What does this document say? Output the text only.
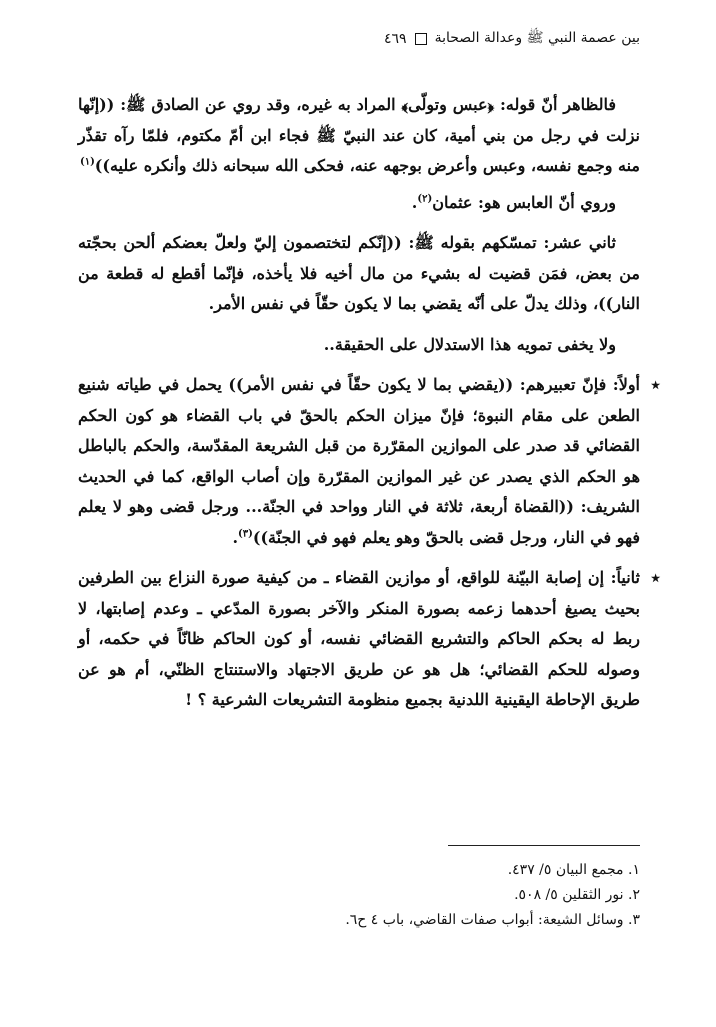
بين عصمة النبي ﷺ وعدالة الصحابة
٤٦٩

فالظاهر أنّ قوله: ﴿عبس وتولّى﴾ المراد به غيره، وقد روي عن الصادق ﷺ: ((إنّها نزلت في رجل من بني أمية، كان عند النبيّ ﷺ فجاء ابن أمّ مكتوم، فلمّا رآه تقذّر منه وجمع نفسه، وعبس وأعرض بوجهه عنه، فحكى الله سبحانه ذلك وأنكره عليه))$^{(١)}$

وروي أنّ العابس هو: عثمان$^{(٢)}$.

ثاني عشر: تمسّكهم بقوله ﷺ: ((إنّكم لتختصمون إليّ ولعلّ بعضكم ألحن بحجّته من بعض، فمَن قضيت له بشيء من مال أخيه فلا يأخذه، فإنّما أقطع له قطعة من النار))، وذلك يدلّ على أنّه يقضي بما لا يكون حقّاً في نفس الأمر.

ولا يخفى تمويه هذا الاستدلال على الحقيقة..

٭
أولاً: فإنّ تعبيرهم: ((يقضي بما لا يكون حقّاً في نفس الأمر)) يحمل في طياته شنيع الطعن على مقام النبوة؛ فإنّ ميزان الحكم بالحقّ في باب القضاء هو كون الحكم القضائي قد صدر على الموازين المقرّرة من قبل الشريعة المقدّسة، والحكم بالباطل هو الحكم الذي يصدر عن غير الموازين المقرّرة وإن أصاب الواقع، كما في الحديث الشريف: ((القضاة أربعة، ثلاثة في النار وواحد في الجنّة... ورجل قضى وهو لا يعلم فهو في النار، ورجل قضى بالحقّ وهو يعلم فهو في الجنّة))$^{(٣)}$.

٭
ثانياً: إن إصابة البيّنة للواقع، أو موازين القضاء ـ من كيفية صورة النزاع بين الطرفين بحيث يصيغ أحدهما زعمه بصورة المنكر والآخر بصورة المدّعي ـ وعدم إصابتها، لا ربط له بحكم الحاكم والتشريع القضائي نفسه، أو كون الحاكم ظانّاً في حكمه، أو وصوله للحكم القضائي؛ هل هو عن طريق الاجتهاد والاستنتاج الظنّي، أم هو عن طريق الإحاطة اليقينية اللدنية بجميع منظومة التشريعات الشرعية ؟ !

١. مجمع البيان ٥/ ٤٣٧.
٢. نور الثقلين ٥/ ٥٠٨.
٣. وسائل الشيعة: أبواب صفات القاضي، باب ٤ ح٦.
